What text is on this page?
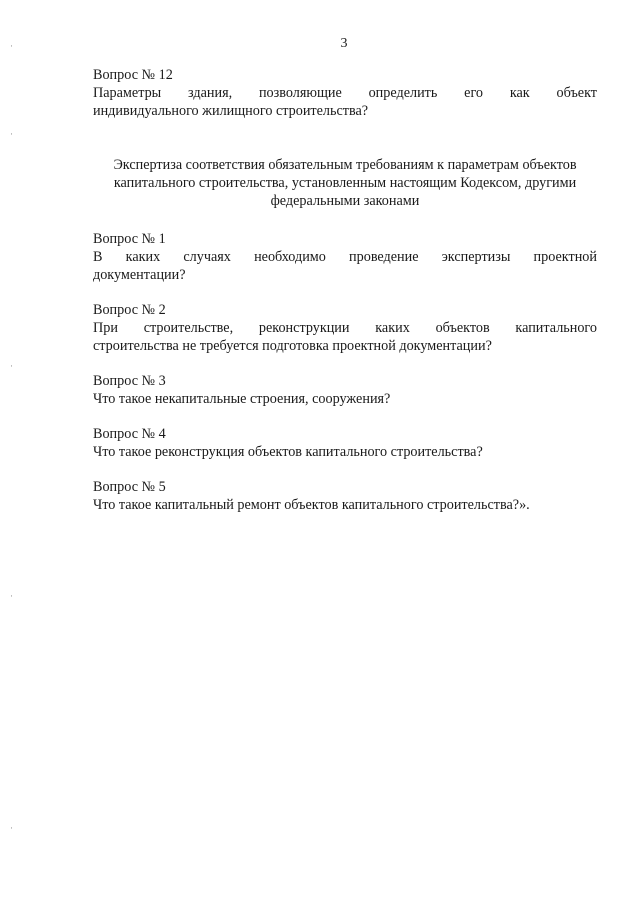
·
·
·
·
·
3
Вопрос № 12
Параметры здания, позволяющие определить его как объект
индивидуального жилищного строительства?
Экспертиза соответствия обязательным требованиям к параметрам объектов
капитального строительства, установленным настоящим Кодексом, другими
федеральными законами
Вопрос № 1
В каких случаях необходимо проведение экспертизы проектной
документации?
Вопрос № 2
При строительстве, реконструкции каких объектов капитального
строительства не требуется подготовка проектной документации?
Вопрос № 3
Что такое некапитальные строения, сооружения?
Вопрос № 4
Что такое реконструкция объектов капитального строительства?
Вопрос № 5
Что такое капитальный ремонт объектов капитального строительства?».
